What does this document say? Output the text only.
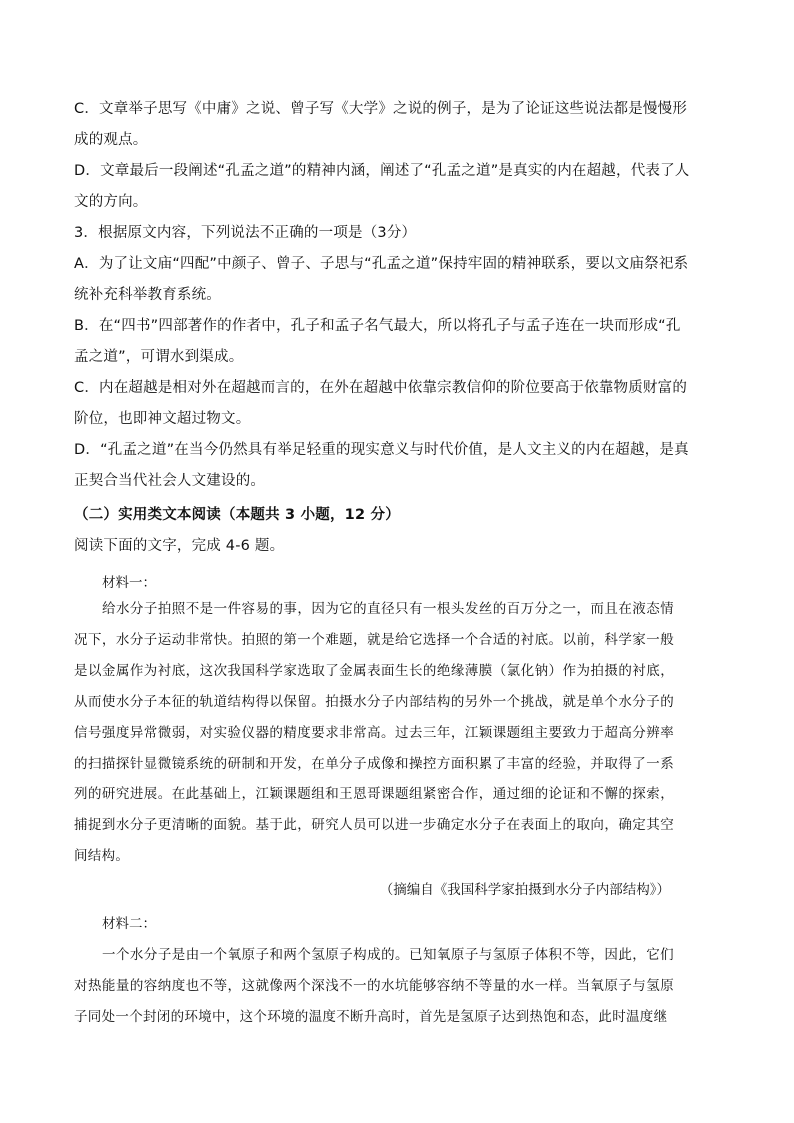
C．文章举子思写《中庸》之说、曾子写《大学》之说的例子，是为了论证这些说法都是慢慢形成的观点。

D．文章最后一段阐述“孔孟之道”的精神内涵，阐述了“孔孟之道”是真实的内在超越，代表了人文的方向。

3．根据原文内容，下列说法不正确的一项是（3分）

A．为了让文庙“四配”中颜子、曾子、子思与“孔孟之道”保持牢固的精神联系，要以文庙祭祀系统补充科举教育系统。

B．在“四书”四部著作的作者中，孔子和孟子名气最大，所以将孔子与孟子连在一块而形成“孔孟之道”，可谓水到渠成。

C．内在超越是相对外在超越而言的，在外在超越中依靠宗教信仰的阶位要高于依靠物质财富的阶位，也即神文超过物文。

D．“孔孟之道”在当今仍然具有举足轻重的现实意义与时代价值，是人文主义的内在超越，是真正契合当代社会人文建设的。

（二）实用类文本阅读（本题共 3 小题，12 分）

阅读下面的文字，完成 4-6 题。

材料一：

给水分子拍照不是一件容易的事，因为它的直径只有一根头发丝的百万分之一，而且在液态情况下，水分子运动非常快。拍照的第一个难题，就是给它选择一个合适的衬底。以前，科学家一般是以金属作为衬底，这次我国科学家选取了金属表面生长的绝缘薄膜（氯化钠）作为拍摄的衬底，从而使水分子本征的轨道结构得以保留。拍摄水分子内部结构的另外一个挑战，就是单个水分子的信号强度异常微弱，对实验仪器的精度要求非常高。过去三年，江颖课题组主要致力于超高分辨率的扫描探针显微镜系统的研制和开发，在单分子成像和操控方面积累了丰富的经验，并取得了一系列的研究进展。在此基础上，江颖课题组和王恩哥课题组紧密合作，通过细的论证和不懈的探索，捕捉到水分子更清晰的面貌。基于此，研究人员可以进一步确定水分子在表面上的取向，确定其空间结构。

（摘编自《我国科学家拍摄到水分子内部结构》）

材料二：

一个水分子是由一个氧原子和两个氢原子构成的。已知氧原子与氢原子体积不等，因此，它们对热能量的容纳度也不等，这就像两个深浅不一的水坑能够容纳不等量的水一样。当氧原子与氢原子同处一个封闭的环境中，这个环境的温度不断升高时，首先是氢原子达到热饱和态，此时温度继
